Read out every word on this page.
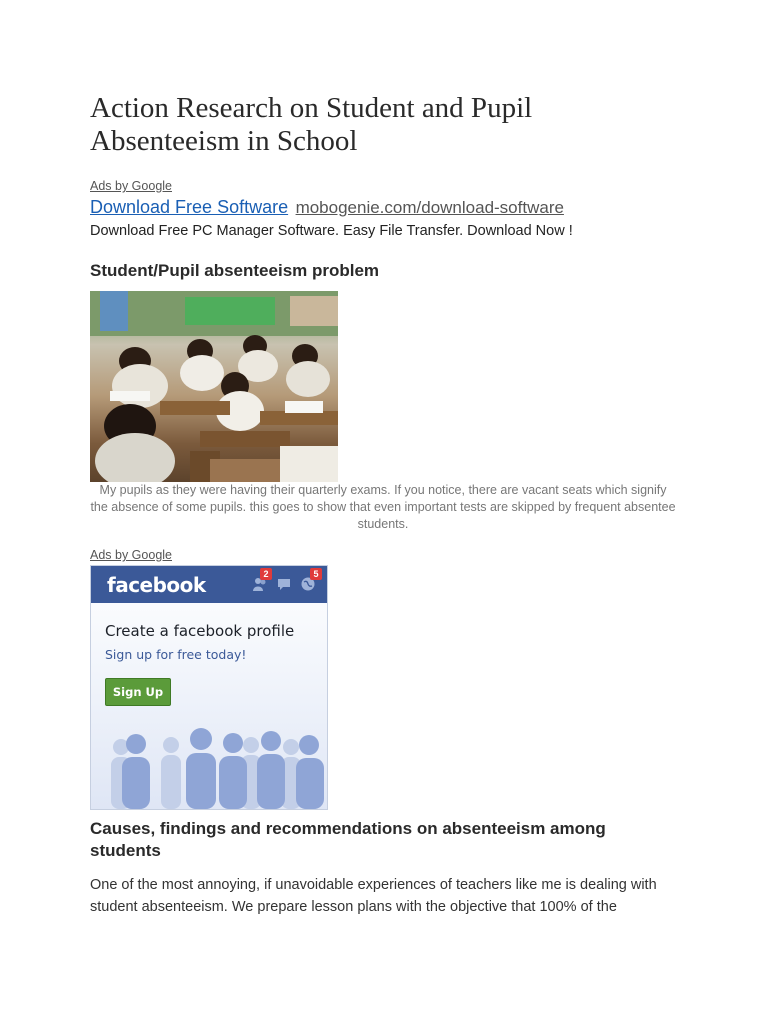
Action Research on Student and Pupil Absenteeism in School
Ads by Google
Download Free Software mobogenie.com/download-software
Download Free PC Manager Software. Easy File Transfer. Download Now !
Student/Pupil absenteeism problem
My pupils as they were having their quarterly exams. If you notice, there are vacant seats which signify the absence of some pupils. this goes to show that even important tests are skipped by frequent absentee students.
Ads by Google
facebook	2	5
Create a facebook profile
Sign up for free today!
Sign Up
Causes, findings and recommendations on absenteeism among students

One of the most annoying, if unavoidable experiences of teachers like me is dealing with student absenteeism. We prepare lesson plans with the objective that 100% of the
